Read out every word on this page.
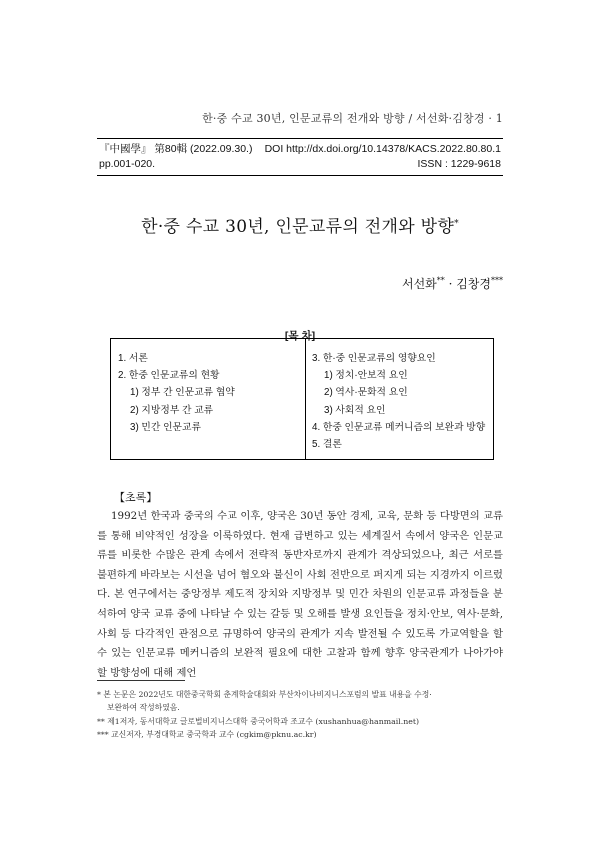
한·중 수교 30년, 인문교류의 전개와 방향 / 서선화·김창경 · 1
『中國學』 第80輯 (2022.09.30.) DOI http://dx.doi.org/10.14378/KACS.2022.80.80.1
pp.001-020.	ISSN : 1229-9618
한·중 수교 30년, 인문교류의 전개와 방향*
서선화** · 김창경***
[목 차]
1. 서론
2. 한중 인문교류의 현황
1) 정부 간 인문교류 협약
2) 지방정부 간 교류
3) 민간 인문교류
3. 한·중 인문교류의 영향요인
1) 정치·안보적 요인
2) 역사·문화적 요인
3) 사회적 요인
4. 한중 인문교류 메커니즘의 보완과 방향
5. 결론
【초록】

1992년 한국과 중국의 수교 이후, 양국은 30년 동안 경제, 교육, 문화 등 다방면의 교류를 통해 비약적인 성장을 이룩하였다. 현재 급변하고 있는 세계질서 속에서 양국은 인문교류를 비롯한 수많은 관계 속에서 전략적 동반자로까지 관계가 격상되었으나, 최근 서로를 불편하게 바라보는 시선을 넘어 혐오와 불신이 사회 전반으로 퍼지게 되는 지경까지 이르렀다. 본 연구에서는 중앙정부 제도적 장치와 지방정부 및 민간 차원의 인문교류 과정들을 분석하여 양국 교류 중에 나타날 수 있는 갈등 및 오해를 발생 요인들을 정치·안보, 역사·문화, 사회 등 다각적인 관점으로 규명하여 양국의 관계가 지속 발전될 수 있도록 가교역할을 할 수 있는 인문교류 메커니즘의 보완적 필요에 대한 고찰과 함께 향후 양국관계가 나아가야 할 방향성에 대해 제언

* 본 논문은 2022년도 대한중국학회 춘계학술대회와 부산차이나비지니스포럼의 발표 내용을 수정·
보완하여 작성하였음.
** 제1저자, 동서대학교 글로벌비지니스대학 중국어학과 조교수 (xushanhua@hanmail.net)
*** 교신저자, 부경대학교 중국학과 교수 (cgkim@pknu.ac.kr)
